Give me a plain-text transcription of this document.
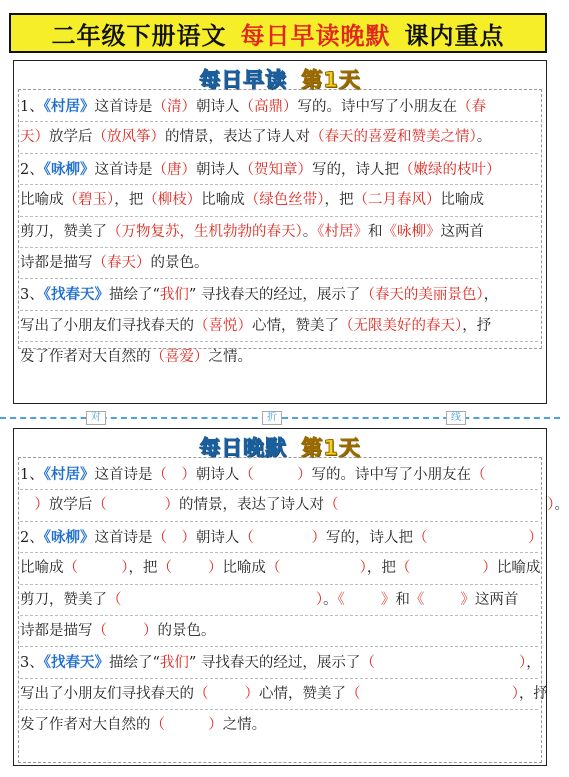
二年级下册语文 每日早读晚默 课内重点
每日早读 第1天
1、《村居》这首诗是（清）朝诗人（高鼎）写的。诗中写了小朋友在（春
天）放学后（放风筝）的情景，表达了诗人对（春天的喜爱和赞美之情）。
2、《咏柳》这首诗是（唐）朝诗人（贺知章）写的，诗人把（嫩绿的枝叶）
比喻成（碧玉），把（柳枝）比喻成（绿色丝带），把（二月春风）比喻成
剪刀，赞美了（万物复苏，生机勃勃的春天）。《村居》和《咏柳》这两首
诗都是描写（春天）的景色。
3、《找春天》描绘了“我们” 寻找春天的经过，展示了（春天的美丽景色），
写出了小朋友们寻找春天的（喜悦）心情，赞美了（无限美好的春天），抒
发了作者对大自然的（喜爱）之情。
对	折	线
每日晚默 第1天
1、《村居》这首诗是（ ）朝诗人（	）写的。诗中写了小朋友在（
）放学后（	）的情景，表达了诗人对（	）。
2、《咏柳》这首诗是（ ）朝诗人（	）写的，诗人把（	）
比喻成（	），把（ ）比喻成（	），把（	）比喻成
剪刀，赞美了（	）。《 》和《 》这两首
诗都是描写（ ）的景色。
3、《找春天》描绘了“我们” 寻找春天的经过，展示了（	），
写出了小朋友们寻找春天的（ ）心情，赞美了（	），抒
发了作者对大自然的（	）之情。
